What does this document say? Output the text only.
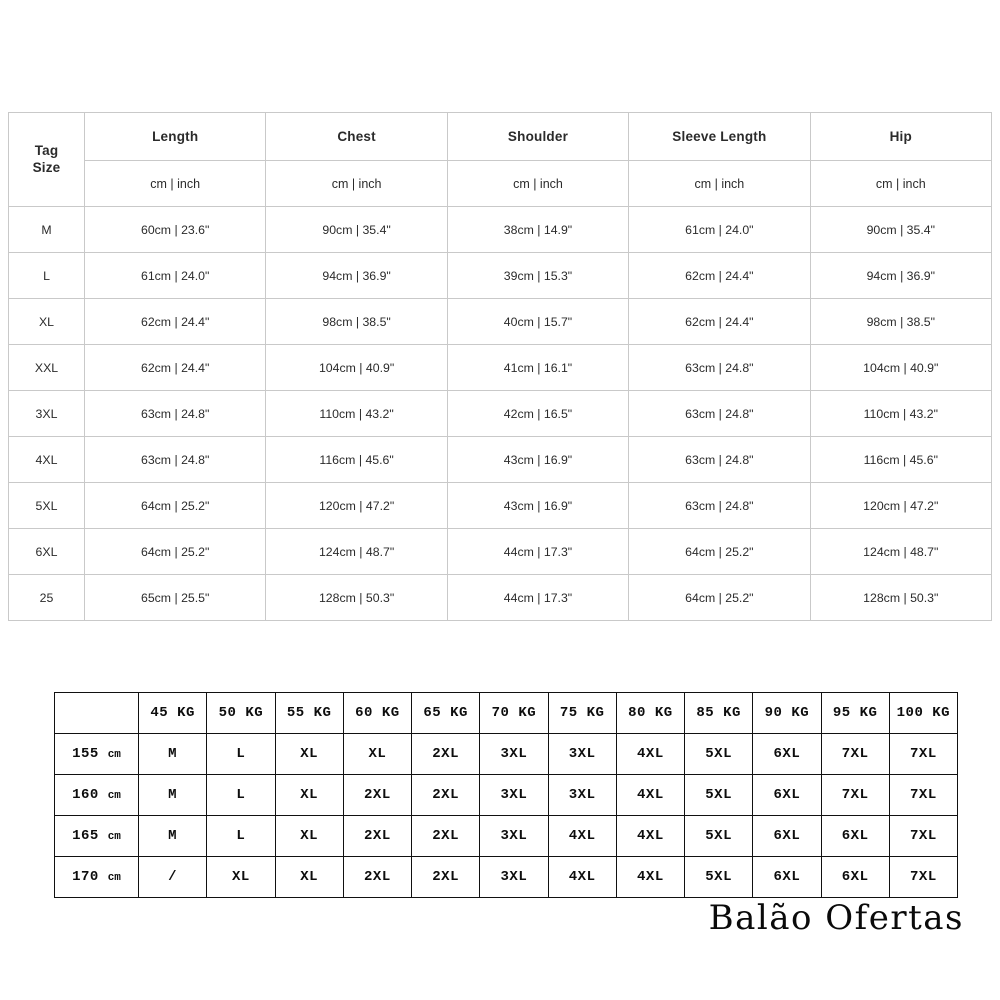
Tag
Size	Length	Chest	Shoulder	Sleeve Length	Hip
	cm | inch	cm | inch	cm | inch	cm | inch	cm | inch
M	60cm | 23.6"	90cm | 35.4"	38cm | 14.9"	61cm | 24.0"	90cm | 35.4"
L	61cm | 24.0"	94cm | 36.9"	39cm | 15.3"	62cm | 24.4"	94cm | 36.9"
XL	62cm | 24.4"	98cm | 38.5"	40cm | 15.7"	62cm | 24.4"	98cm | 38.5"
XXL	62cm | 24.4"	104cm | 40.9"	41cm | 16.1"	63cm | 24.8"	104cm | 40.9"
3XL	63cm | 24.8"	110cm | 43.2"	42cm | 16.5"	63cm | 24.8"	110cm | 43.2"
4XL	63cm | 24.8"	116cm | 45.6"	43cm | 16.9"	63cm | 24.8"	116cm | 45.6"
5XL	64cm | 25.2"	120cm | 47.2"	43cm | 16.9"	63cm | 24.8"	120cm | 47.2"
6XL	64cm | 25.2"	124cm | 48.7"	44cm | 17.3"	64cm | 25.2"	124cm | 48.7"
25	65cm | 25.5"	128cm | 50.3"	44cm | 17.3"	64cm | 25.2"	128cm | 50.3"
	45 KG	50 KG	55 KG	60 KG	65 KG	70 KG	75 KG	80 KG	85 KG	90 KG	95 KG	100 KG
155 cm	M	L	XL	XL	2XL	3XL	3XL	4XL	5XL	6XL	7XL	7XL
160 cm	M	L	XL	2XL	2XL	3XL	3XL	4XL	5XL	6XL	7XL	7XL
165 cm	M	L	XL	2XL	2XL	3XL	4XL	4XL	5XL	6XL	6XL	7XL
170 cm	/	XL	XL	2XL	2XL	3XL	4XL	4XL	5XL	6XL	6XL	7XL
Balão Ofertas
